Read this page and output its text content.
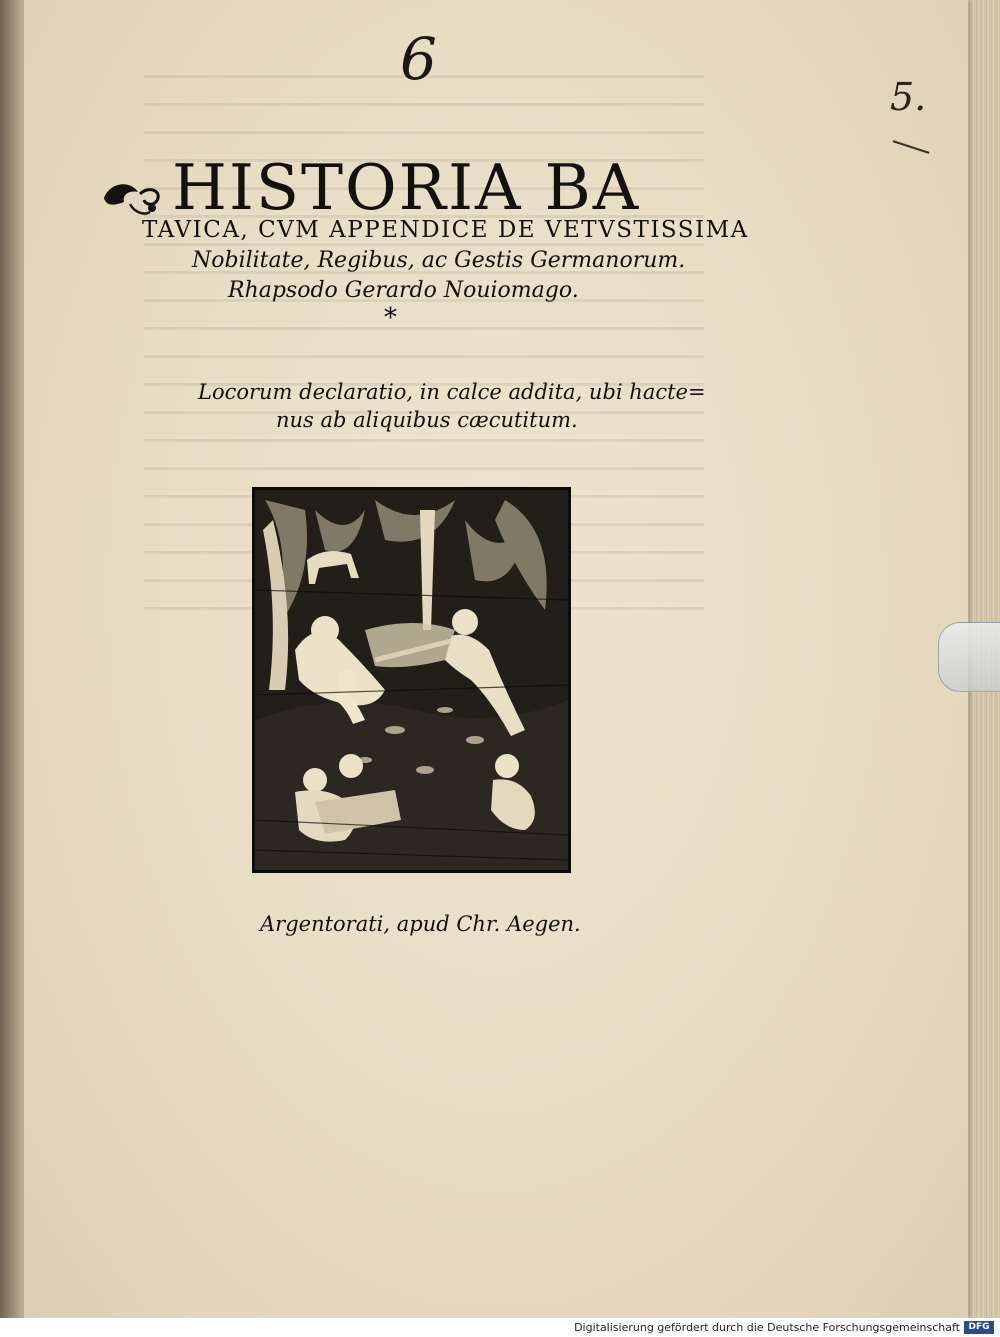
6
5.
HISTORIA BA
TAVICA, CVM APPENDICE DE VETVSTISSIMA
Nobilitate, Regibus, ac Gestis Germanorum.
Rhapsodo Gerardo Nouiomago.
*
Locorum declaratio, in calce addita, ubi hacte=
nus ab aliquibus cæcutitum.
Argentorati, apud Chr. Aegen.
Digitalisierung gefördert durch die Deutsche Forschungsgemeinschaft DFG
